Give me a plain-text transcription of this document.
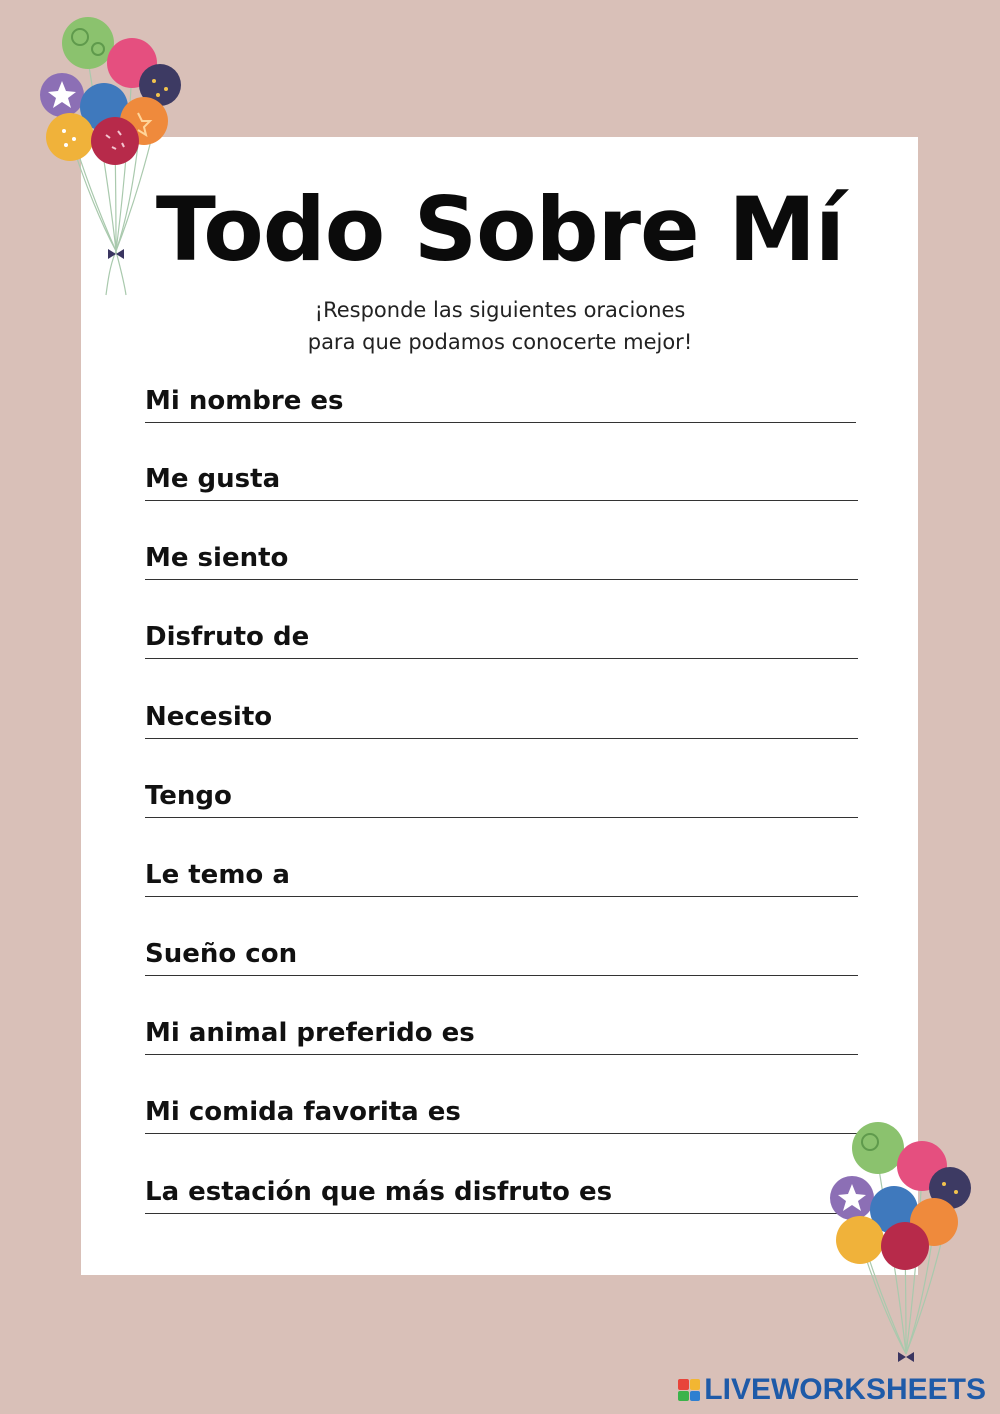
Todo Sobre Mí
¡Responde las siguientes oraciones
para que podamos conocerte mejor!
Mi nombre es
Me gusta
Me siento
Disfruto de
Necesito
Tengo
Le temo a
Sueño con
Mi animal preferido es
Mi comida favorita es
La estación que más disfruto es
LIVEWORKSHEETS
